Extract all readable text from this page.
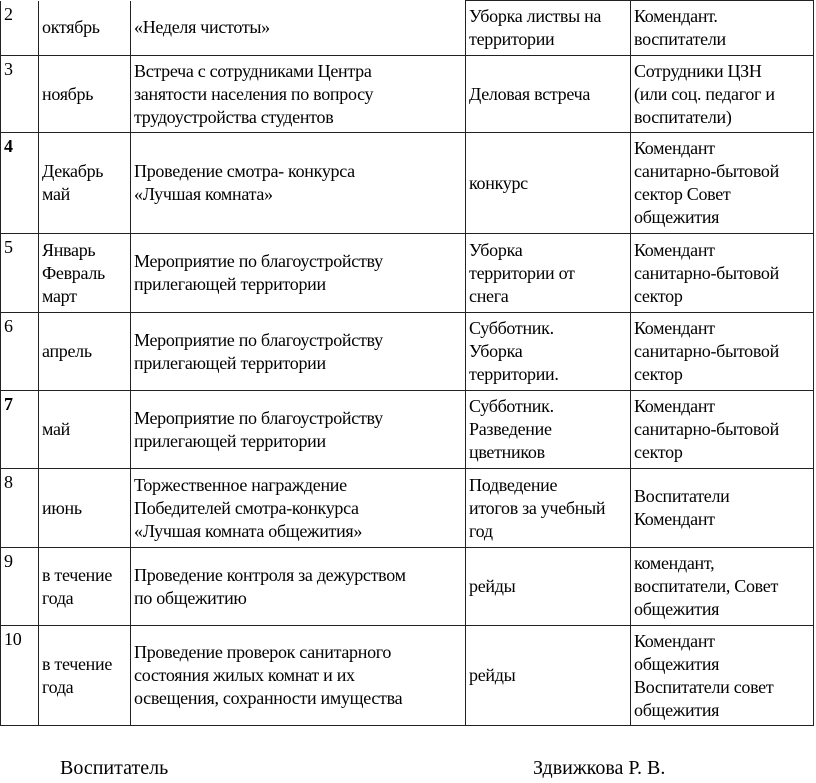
2	октябрь	«Неделя чистоты»	Уборка листвы на
территории	Комендант.
воспитатели
3	ноябрь	Встреча с сотрудниками Центра
занятости населения по вопросу
трудоустройства студентов	Деловая встреча	Сотрудники ЦЗН
(или соц. педагог и
воспитатели)
4	Декабрь
май	Проведение смотра- конкурса
«Лучшая комната»	конкурс	Комендант
санитарно-бытовой
сектор Совет
общежития
5	Январь
Февраль
март	Мероприятие по благоустройству
прилегающей территории	Уборка
территории от
снега	Комендант
санитарно-бытовой
сектор
6	апрель	Мероприятие по благоустройству
прилегающей территории	Субботник.
Уборка
территории.	Комендант
санитарно-бытовой
сектор
7	май	Мероприятие по благоустройству
прилегающей территории	Субботник.
Разведение
цветников	Комендант
санитарно-бытовой
сектор
8	июнь	Торжественное награждение
Победителей смотра-конкурса
«Лучшая комната общежития»	Подведение
итогов за учебный
год	Воспитатели
Комендант
9	в течение
года	Проведение контроля за дежурством
по общежитию	рейды	комендант,
воспитатели, Совет
общежития
10	в течение
года	Проведение проверок санитарного
состояния жилых комнат и их
освещения, сохранности имущества	рейды	Комендант
общежития
Воспитатели совет
общежития
Воспитатель	Здвижкова Р. В.
